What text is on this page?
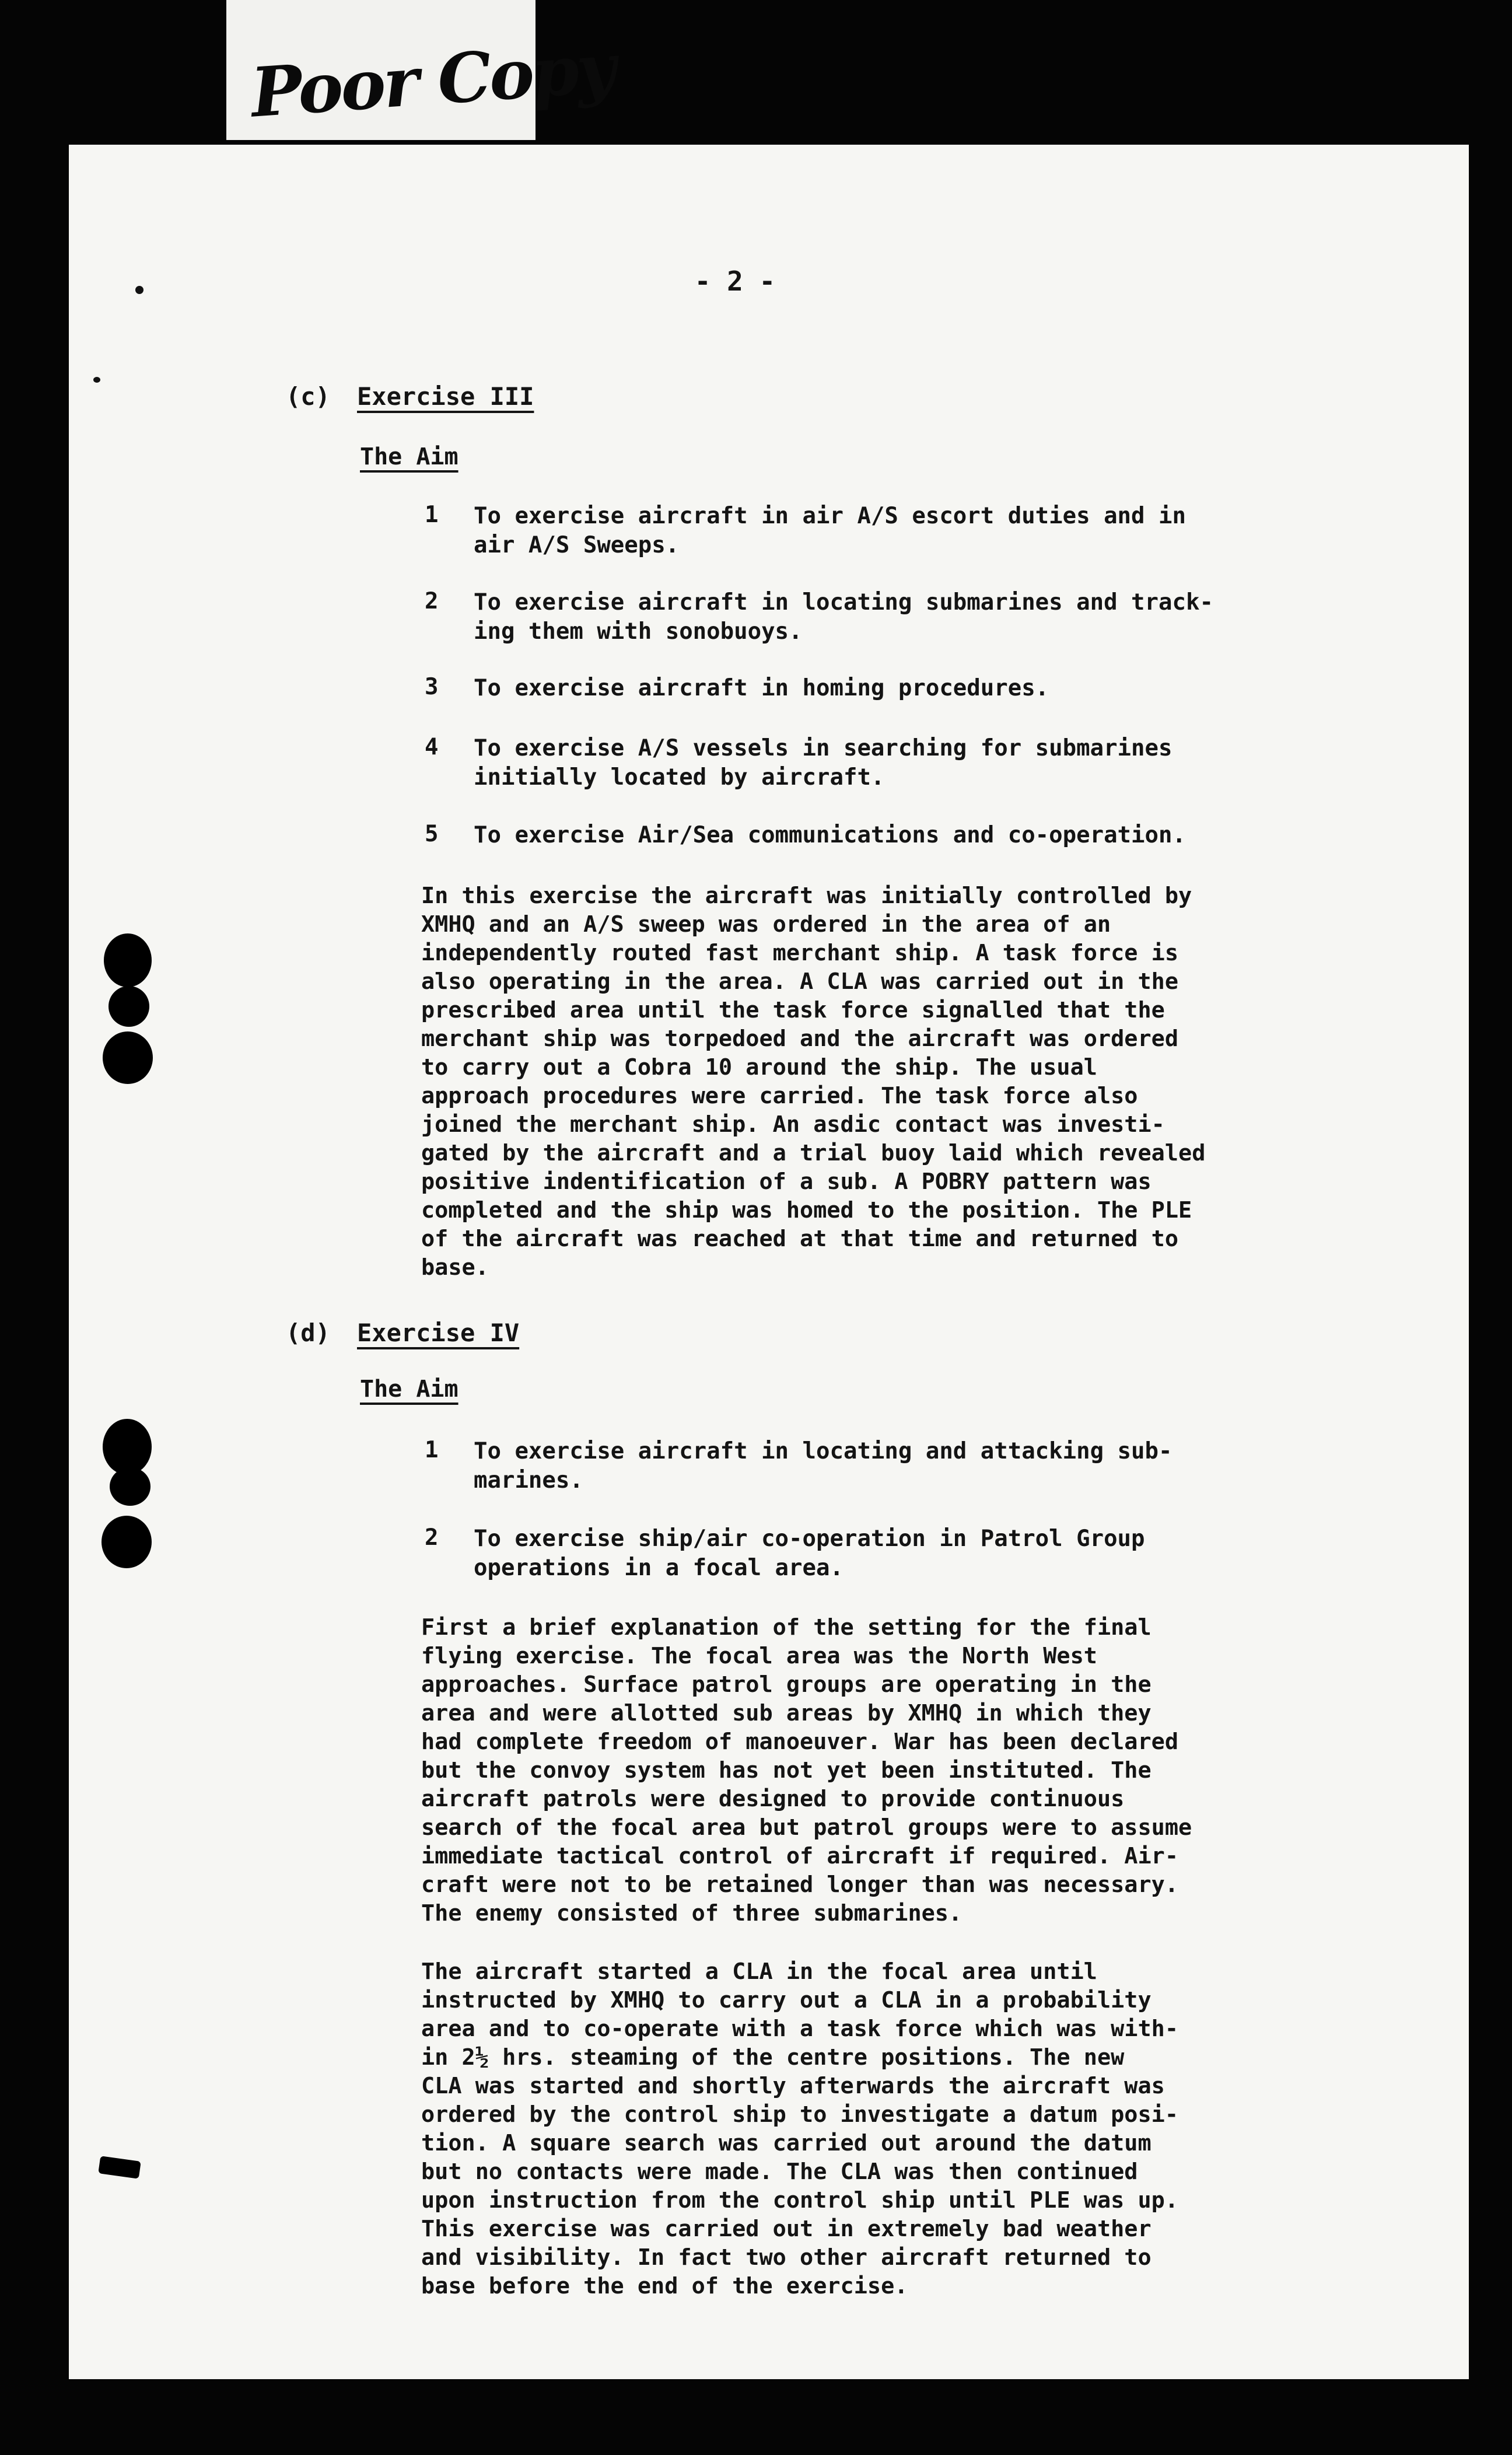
Poor Copy
- 2 -
(c) Exercise III
The Aim
1 To exercise aircraft in air A/S escort duties and in
air A/S Sweeps.
2 To exercise aircraft in locating submarines and track-
ing them with sonobuoys.
3 To exercise aircraft in homing procedures.
4 To exercise A/S vessels in searching for submarines
initially located by aircraft.
5 To exercise Air/Sea communications and co-operation.
In this exercise the aircraft was initially controlled by
XMHQ and an A/S sweep was ordered in the area of an
independently routed fast merchant ship. A task force is
also operating in the area. A CLA was carried out in the
prescribed area until the task force signalled that the
merchant ship was torpedoed and the aircraft was ordered
to carry out a Cobra 10 around the ship. The usual
approach procedures were carried. The task force also
joined the merchant ship. An asdic contact was investi-
gated by the aircraft and a trial buoy laid which revealed
positive indentification of a sub. A POBRY pattern was
completed and the ship was homed to the position. The PLE
of the aircraft was reached at that time and returned to
base.
(d) Exercise IV
The Aim
1 To exercise aircraft in locating and attacking sub-
marines.
2 To exercise ship/air co-operation in Patrol Group
operations in a focal area.
First a brief explanation of the setting for the final
flying exercise. The focal area was the North West
approaches. Surface patrol groups are operating in the
area and were allotted sub areas by XMHQ in which they
had complete freedom of manoeuver. War has been declared
but the convoy system has not yet been instituted. The
aircraft patrols were designed to provide continuous
search of the focal area but patrol groups were to assume
immediate tactical control of aircraft if required. Air-
craft were not to be retained longer than was necessary.
The enemy consisted of three submarines.
The aircraft started a CLA in the focal area until
instructed by XMHQ to carry out a CLA in a probability
area and to co-operate with a task force which was with-
in 2½ hrs. steaming of the centre positions. The new
CLA was started and shortly afterwards the aircraft was
ordered by the control ship to investigate a datum posi-
tion. A square search was carried out around the datum
but no contacts were made. The CLA was then continued
upon instruction from the control ship until PLE was up.
This exercise was carried out in extremely bad weather
and visibility. In fact two other aircraft returned to
base before the end of the exercise.
